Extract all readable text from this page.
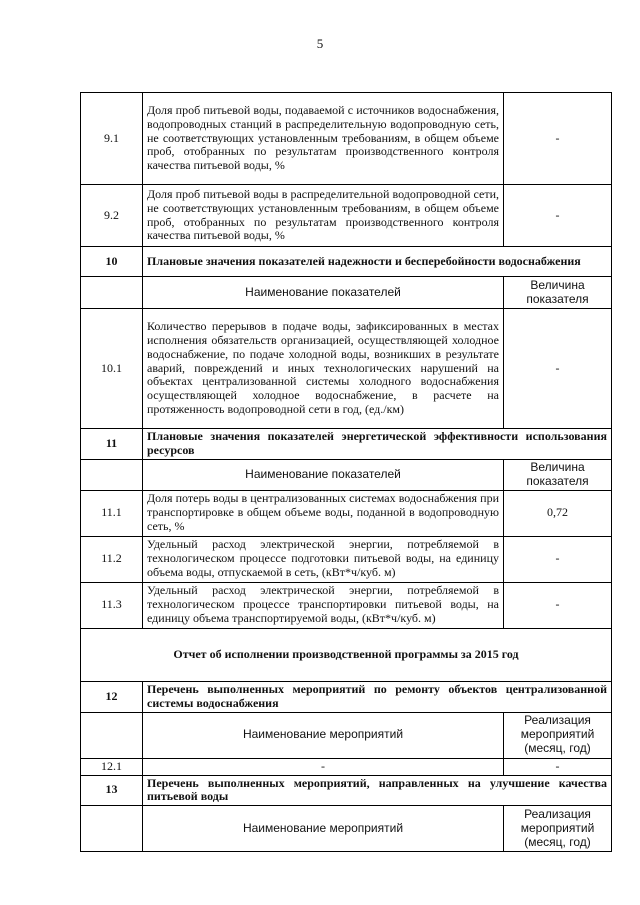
5
9.1	Доля проб питьевой воды, подаваемой с источников водоснабжения, водопроводных станций в распределительную водопроводную сеть, не соответствующих установленным требованиям, в общем объеме проб, отобранных по результатам производственного контроля качества питьевой воды, %	-
9.2	Доля проб питьевой воды в распределительной водопроводной сети, не соответствующих установленным требованиям, в общем объеме проб, отобранных по результатам производственного контроля качества питьевой воды, %	-
10	Плановые значения показателей надежности и бесперебойности водоснабжения	
	Наименование показателей	Величина показателя
10.1	Количество перерывов в подаче воды, зафиксированных в местах исполнения обязательств организацией, осуществляющей холодное водоснабжение, по подаче холодной воды, возникших в результате аварий, повреждений и иных технологических нарушений на объектах централизованной системы холодного водоснабжения осуществляющей холодное водоснабжение, в расчете на протяженность водопроводной сети в год, (ед./км)	-
11	Плановые значения показателей энергетической эффективности использования ресурсов	
	Наименование показателей	Величина показателя
11.1	Доля потерь воды в централизованных системах водоснабжения при транспортировке в общем объеме воды, поданной в водопроводную сеть, %	0,72
11.2	Удельный расход электрической энергии, потребляемой в технологическом процессе подготовки питьевой воды, на единицу объема воды, отпускаемой в сеть, (кВт*ч/куб. м)	-
11.3	Удельный расход электрической энергии, потребляемой в технологическом процессе транспортировки питьевой воды, на единицу объема транспортируемой воды, (кВт*ч/куб. м)	-
Отчет об исполнении производственной программы за 2015 год		
12	Перечень выполненных мероприятий по ремонту объектов централизованной системы водоснабжения	
	Наименование мероприятий	Реализация мероприятий (месяц, год)
12.1	-	-
13	Перечень выполненных мероприятий, направленных на улучшение качества питьевой воды	
	Наименование мероприятий	Реализация мероприятий (месяц, год)
